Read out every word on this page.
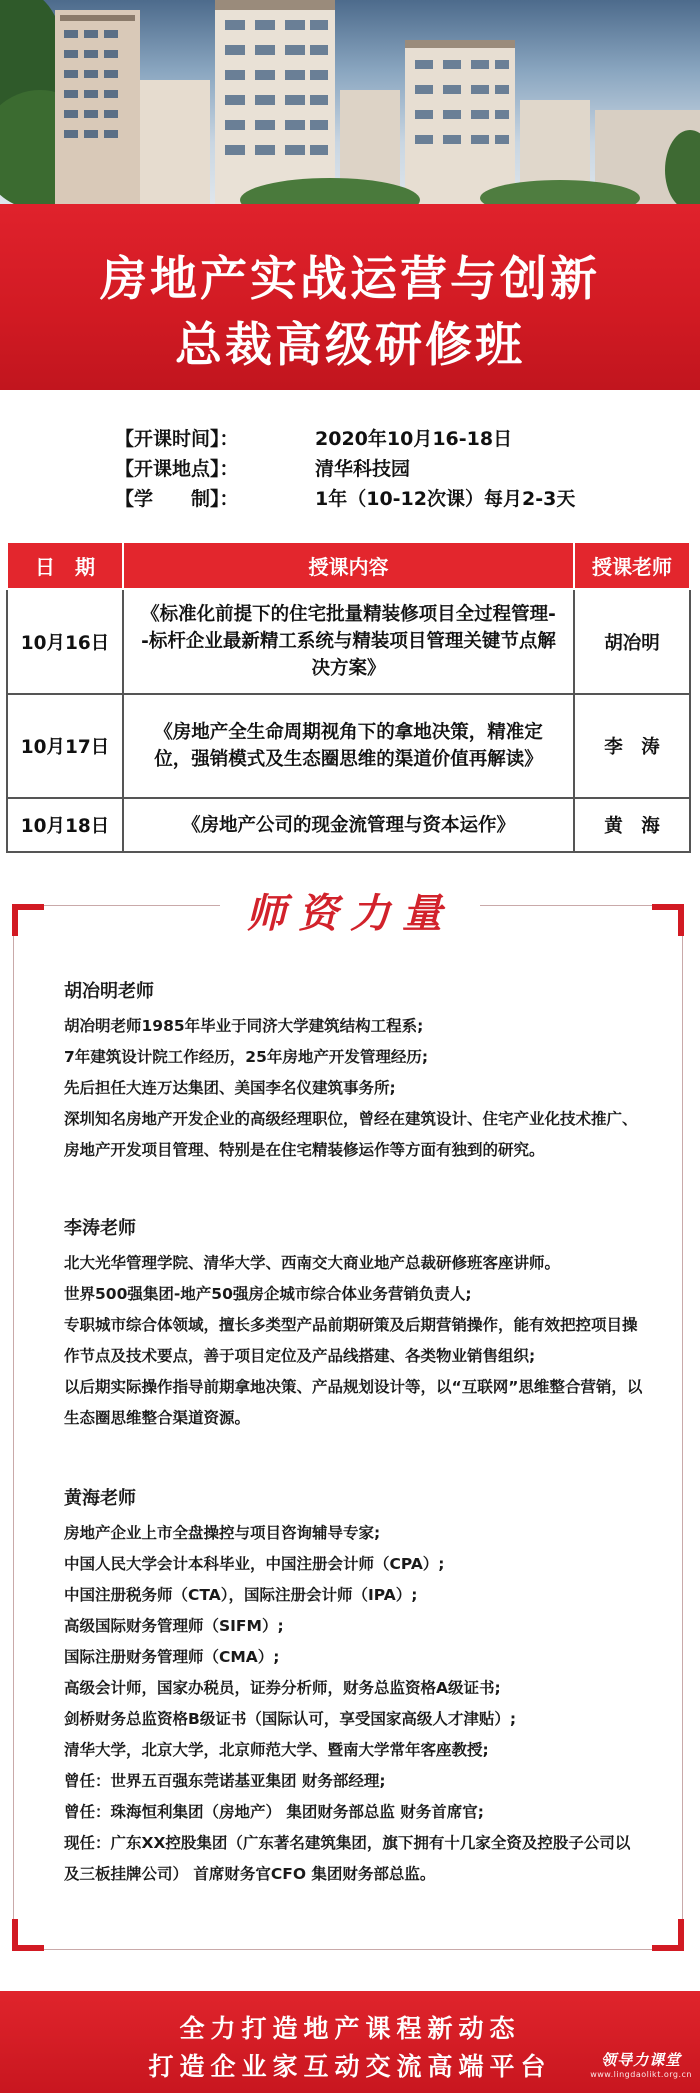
房地产实战运营与创新
总裁高级研修班
【开课时间】：	2020年10月16-18日
【开课地点】：	清华科技园
【学　　制】：	1年（10-12次课）每月2-3天
日　期	授课内容	授课老师
10月16日	《标准化前提下的住宅批量精装修项目全过程管理--标杆企业最新精工系统与精装项目管理关键节点解决方案》	胡冶明
10月17日	《房地产全生命周期视角下的拿地决策，精准定位，强销模式及生态圈思维的渠道价值再解读》	李　涛
10月18日	《房地产公司的现金流管理与资本运作》	黄　海
师资力量
胡冶明老师

胡冶明老师1985年毕业于同济大学建筑结构工程系;

7年建筑设计院工作经历，25年房地产开发管理经历;

先后担任大连万达集团、美国李名仪建筑事务所;

深圳知名房地产开发企业的高级经理职位，曾经在建筑设计、住宅产业化技术推广、房地产开发项目管理、特别是在住宅精装修运作等方面有独到的研究。

李涛老师

北大光华管理学院、清华大学、西南交大商业地产总裁研修班客座讲师。

世界500强集团-地产50强房企城市综合体业务营销负责人;

专职城市综合体领域，擅长多类型产品前期研策及后期营销操作，能有效把控项目操作节点及技术要点，善于项目定位及产品线搭建、各类物业销售组织;

以后期实际操作指导前期拿地决策、产品规划设计等，以“互联网”思维整合营销，以生态圈思维整合渠道资源。

黄海老师

房地产企业上市全盘操控与项目咨询辅导专家;

中国人民大学会计本科毕业，中国注册会计师（CPA）;

中国注册税务师（CTA），国际注册会计师（IPA）;

高级国际财务管理师（SIFM）;

国际注册财务管理师（CMA）;

高级会计师，国家办税员，证券分析师，财务总监资格A级证书;

剑桥财务总监资格B级证书（国际认可，享受国家高级人才津贴）;

清华大学，北京大学，北京师范大学、暨南大学常年客座教授;

曾任：世界五百强东莞诺基亚集团 财务部经理;

曾任：珠海恒利集团（房地产） 集团财务部总监 财务首席官;

现任：广东XX控股集团（广东著名建筑集团，旗下拥有十几家全资及控股子公司以及三板挂牌公司） 首席财务官CFO 集团财务部总监。

全力打造地产课程新动态
打造企业家互动交流高端平台	领导力课堂
www.lingdaolikt.org.cn
